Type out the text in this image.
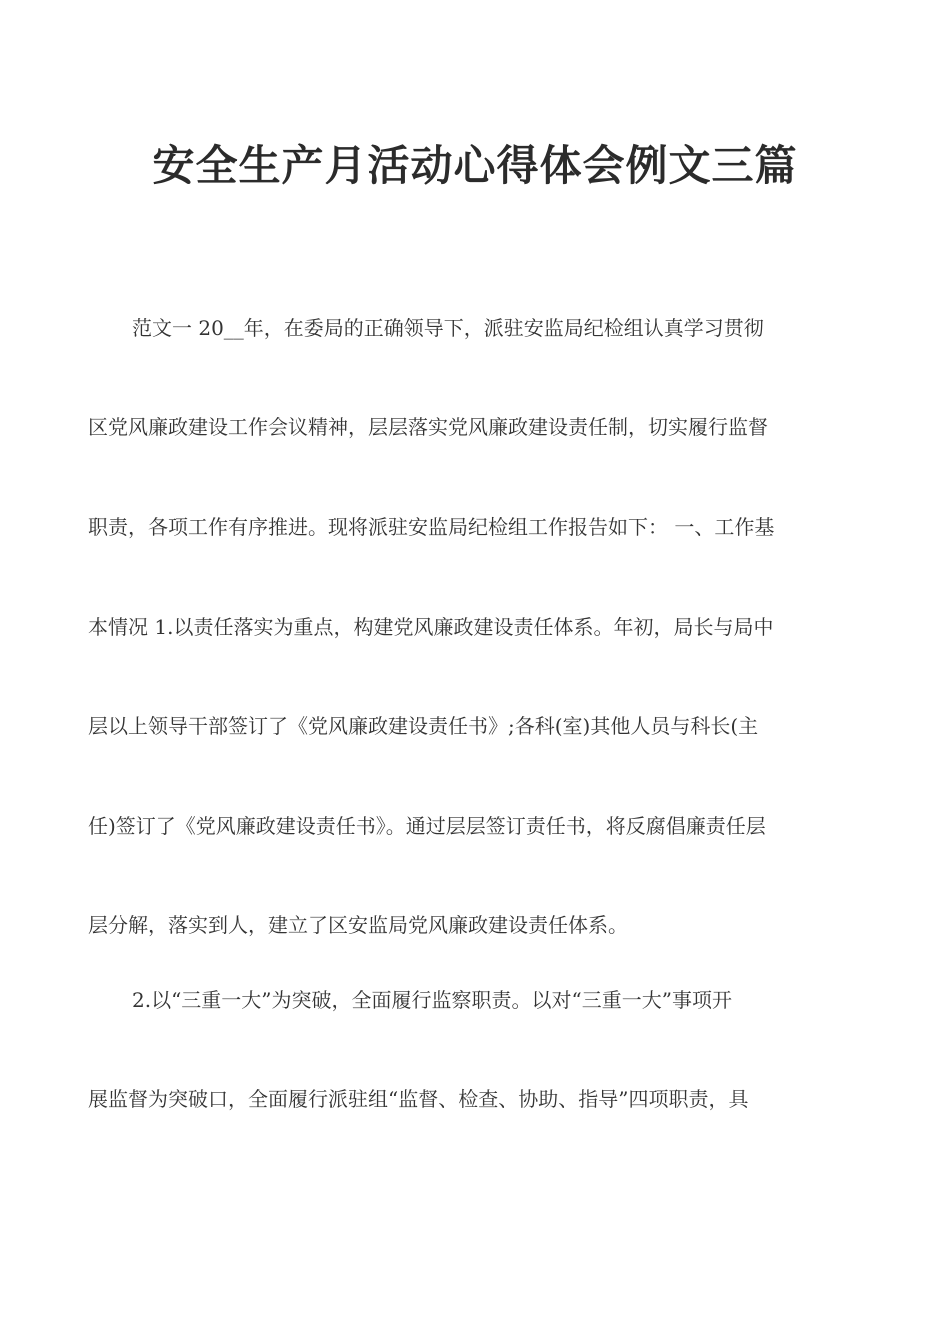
安全生产月活动心得体会例文三篇
范文一 20__年，在委局的正确领导下，派驻安监局纪检组认真学习贯彻
区党风廉政建设工作会议精神，层层落实党风廉政建设责任制，切实履行监督
职责，各项工作有序推进。现将派驻安监局纪检组工作报告如下： 一、工作基
本情况 1.以责任落实为重点，构建党风廉政建设责任体系。年初，局长与局中
层以上领导干部签订了《党风廉政建设责任书》;各科(室)其他人员与科长(主
任)签订了《党风廉政建设责任书》。通过层层签订责任书，将反腐倡廉责任层
层分解，落实到人，建立了区安监局党风廉政建设责任体系。
2.以“三重一大”为突破，全面履行监察职责。以对“三重一大”事项开
展监督为突破口，全面履行派驻组“监督、检查、协助、指导”四项职责，具
